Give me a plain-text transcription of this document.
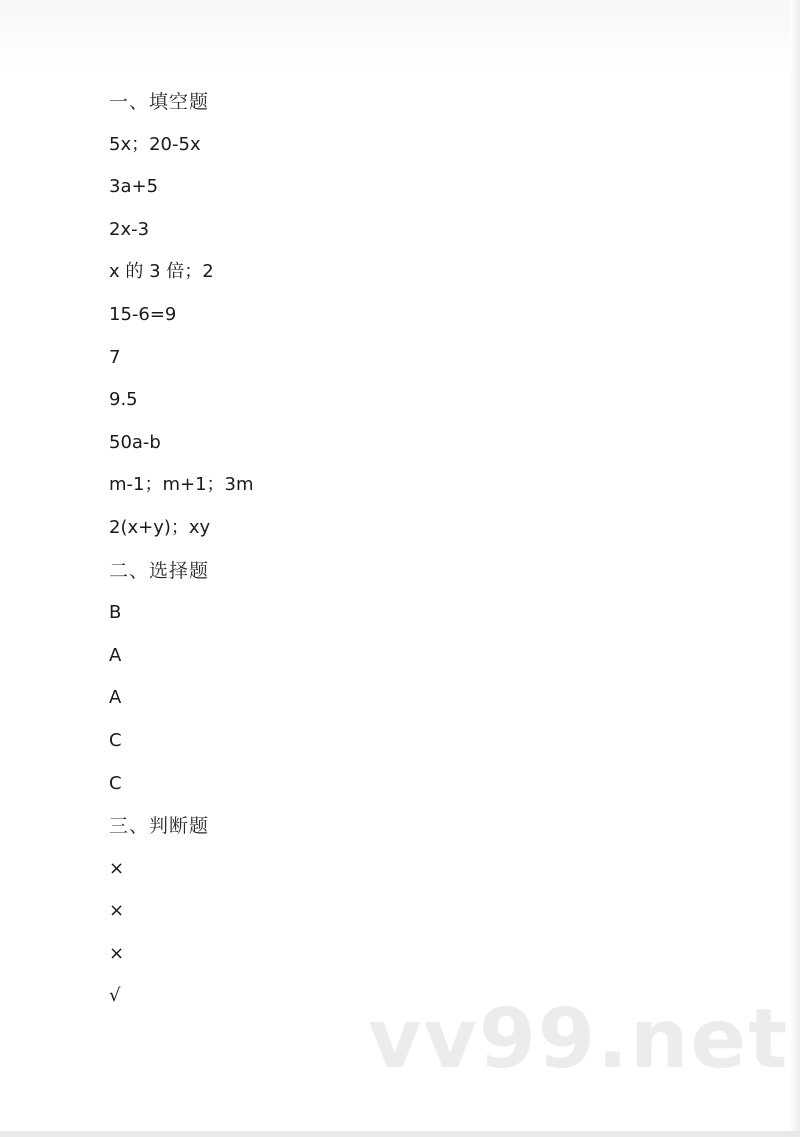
一、填空题
5x；20-5x
3a+5
2x-3
x 的 3 倍；2
15-6=9
7
9.5
50a-b
m-1；m+1；3m
2(x+y)；xy
二、选择题
B
A
A
C
C
三、判断题
×
×
×
√	vv99.net
